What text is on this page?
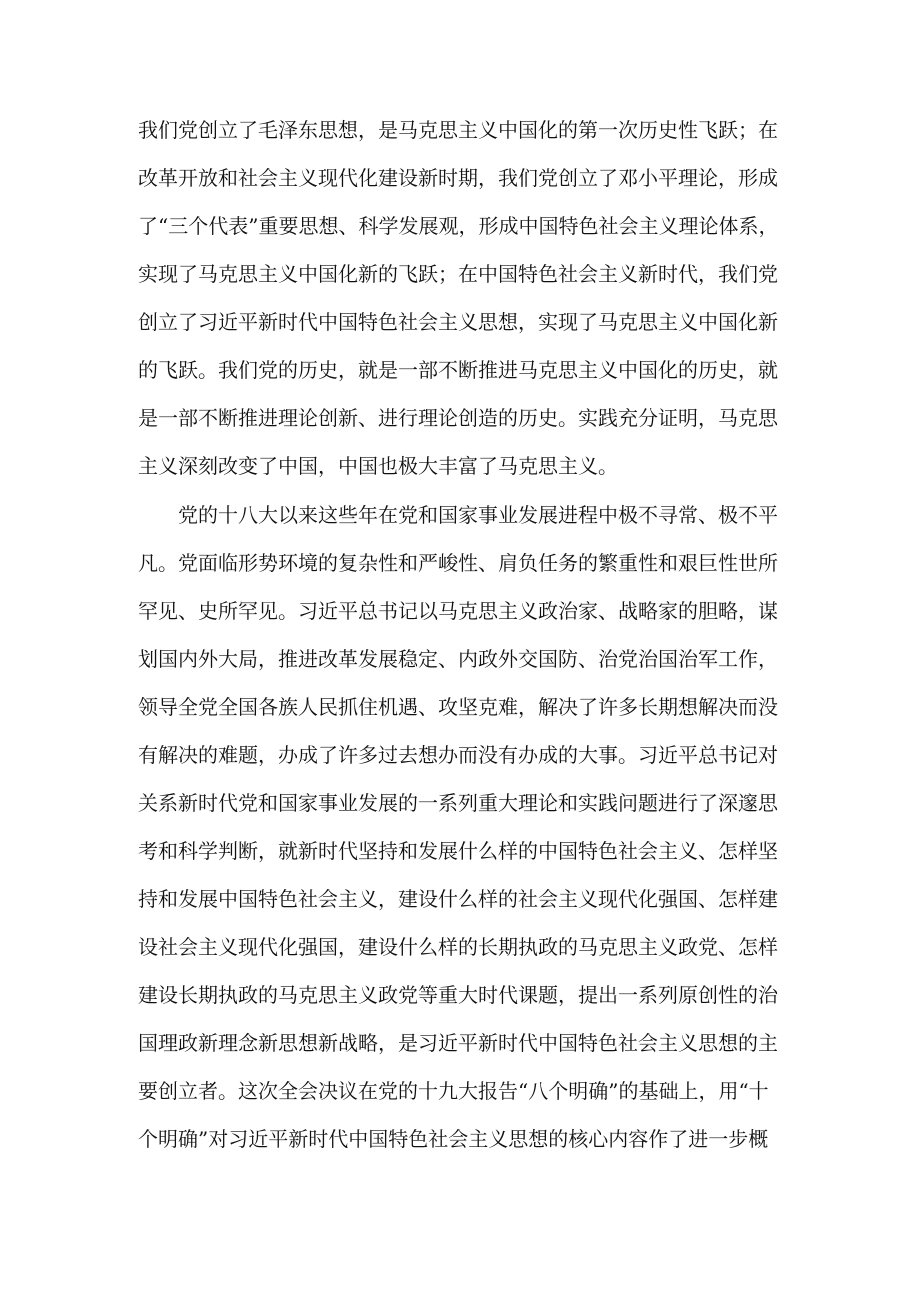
我们党创立了毛泽东思想，是马克思主义中国化的第一次历史性飞跃；在
改革开放和社会主义现代化建设新时期，我们党创立了邓小平理论，形成
了“三个代表”重要思想、科学发展观，形成中国特色社会主义理论体系，
实现了马克思主义中国化新的飞跃；在中国特色社会主义新时代，我们党
创立了习近平新时代中国特色社会主义思想，实现了马克思主义中国化新
的飞跃。我们党的历史，就是一部不断推进马克思主义中国化的历史，就
是一部不断推进理论创新、进行理论创造的历史。实践充分证明，马克思
主义深刻改变了中国，中国也极大丰富了马克思主义。
党的十八大以来这些年在党和国家事业发展进程中极不寻常、极不平
凡。党面临形势环境的复杂性和严峻性、肩负任务的繁重性和艰巨性世所
罕见、史所罕见。习近平总书记以马克思主义政治家、战略家的胆略，谋
划国内外大局，推进改革发展稳定、内政外交国防、治党治国治军工作，
领导全党全国各族人民抓住机遇、攻坚克难，解决了许多长期想解决而没
有解决的难题，办成了许多过去想办而没有办成的大事。习近平总书记对
关系新时代党和国家事业发展的一系列重大理论和实践问题进行了深邃思
考和科学判断，就新时代坚持和发展什么样的中国特色社会主义、怎样坚
持和发展中国特色社会主义，建设什么样的社会主义现代化强国、怎样建
设社会主义现代化强国，建设什么样的长期执政的马克思主义政党、怎样
建设长期执政的马克思主义政党等重大时代课题，提出一系列原创性的治
国理政新理念新思想新战略，是习近平新时代中国特色社会主义思想的主
要创立者。这次全会决议在党的十九大报告“八个明确”的基础上，用“十
个明确”对习近平新时代中国特色社会主义思想的核心内容作了进一步概
